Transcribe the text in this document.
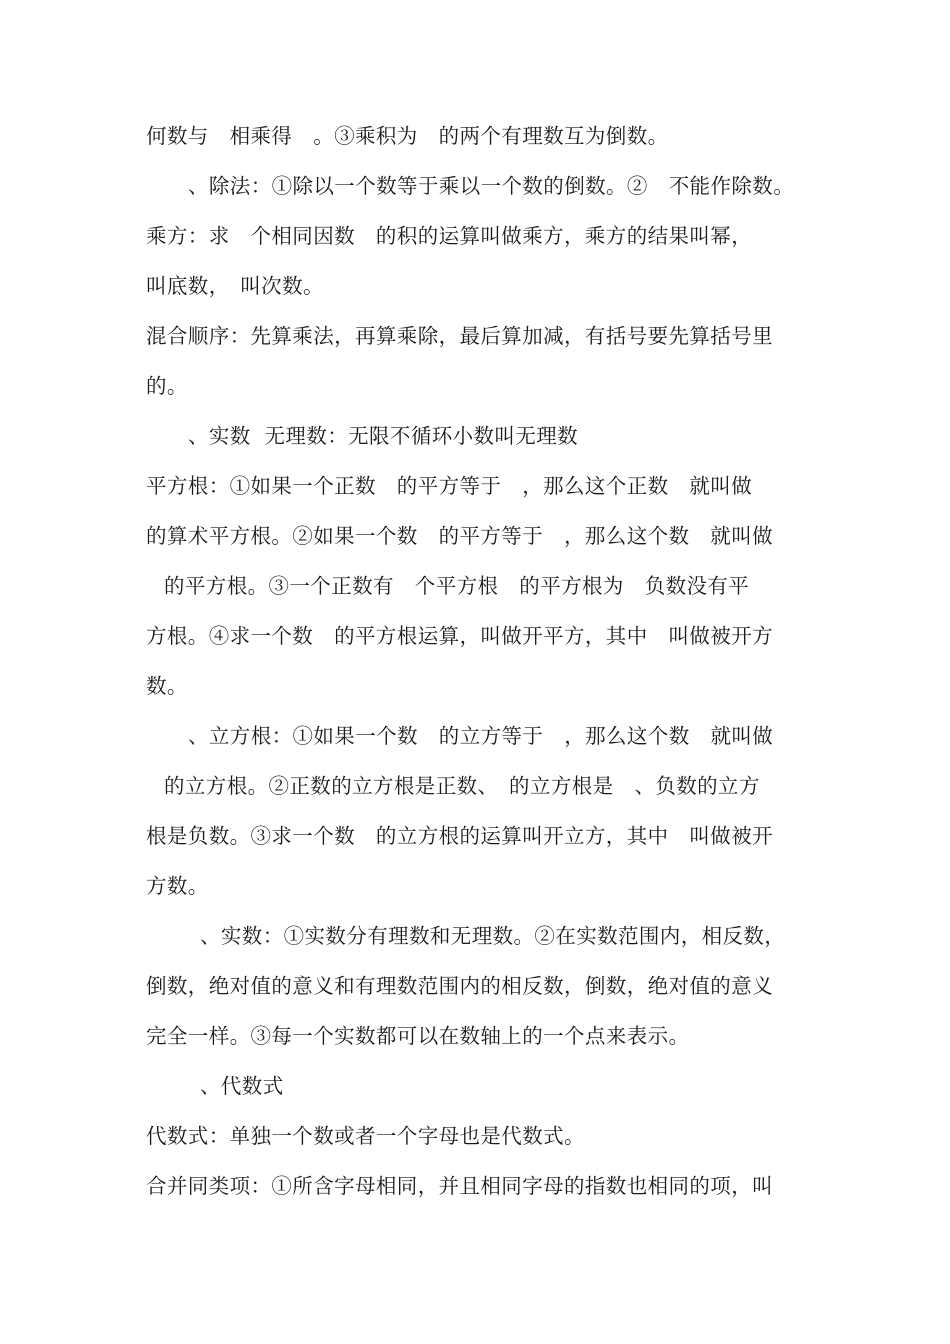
何数与　相乘得　。③乘积为　的两个有理数互为倒数。
、除法：①除以一个数等于乘以一个数的倒数。②　不能作除数。
乘方：求　个相同因数　的积的运算叫做乘方，乘方的结果叫幂，
叫底数，　叫次数。
混合顺序：先算乘法，再算乘除，最后算加减，有括号要先算括号里
的。
、实数  无理数：无限不循环小数叫无理数
平方根：①如果一个正数　的平方等于　，那么这个正数　就叫做
的算术平方根。②如果一个数　的平方等于　，那么这个数　就叫做
的平方根。③一个正数有　个平方根　的平方根为　负数没有平
方根。④求一个数　的平方根运算，叫做开平方，其中　叫做被开方
数。
、立方根：①如果一个数　的立方等于　，那么这个数　就叫做
的立方根。②正数的立方根是正数、　的立方根是　、负数的立方
根是负数。③求一个数　的立方根的运算叫开立方，其中　叫做被开
方数。
、实数：①实数分有理数和无理数。②在实数范围内，相反数，
倒数，绝对值的意义和有理数范围内的相反数，倒数，绝对值的意义
完全一样。③每一个实数都可以在数轴上的一个点来表示。
、代数式
代数式：单独一个数或者一个字母也是代数式。
合并同类项：①所含字母相同，并且相同字母的指数也相同的项，叫
